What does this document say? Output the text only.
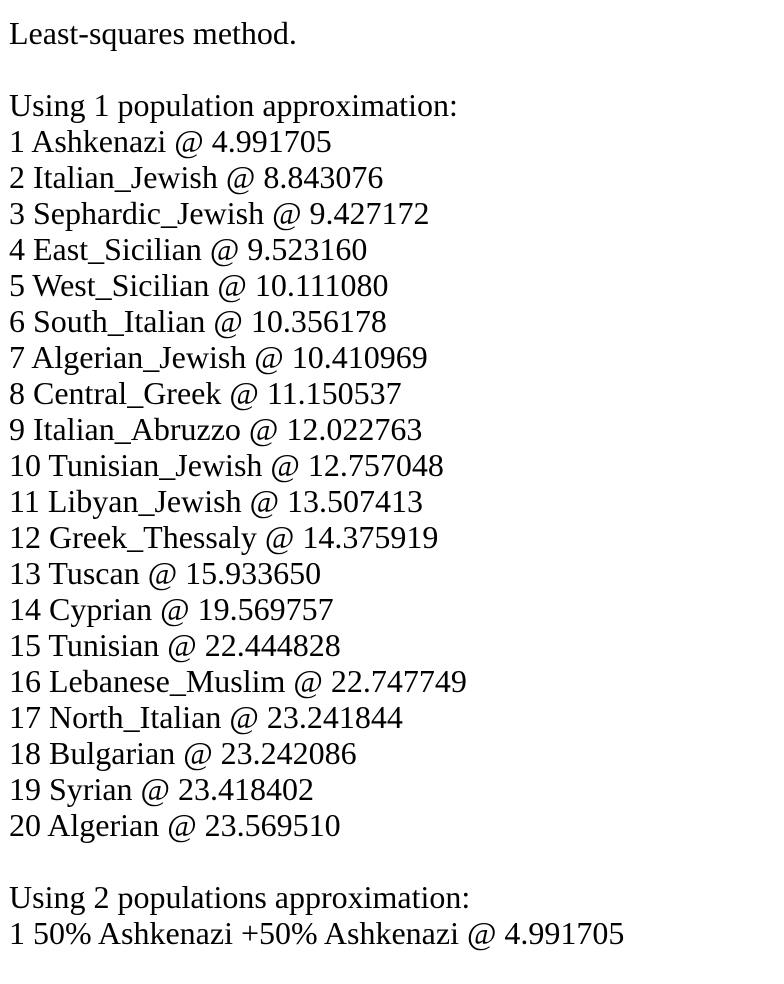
Least-squares method.
Using 1 population approximation:
1 Ashkenazi @ 4.991705
2 Italian_Jewish @ 8.843076
3 Sephardic_Jewish @ 9.427172
4 East_Sicilian @ 9.523160
5 West_Sicilian @ 10.111080
6 South_Italian @ 10.356178
7 Algerian_Jewish @ 10.410969
8 Central_Greek @ 11.150537
9 Italian_Abruzzo @ 12.022763
10 Tunisian_Jewish @ 12.757048
11 Libyan_Jewish @ 13.507413
12 Greek_Thessaly @ 14.375919
13 Tuscan @ 15.933650
14 Cyprian @ 19.569757
15 Tunisian @ 22.444828
16 Lebanese_Muslim @ 22.747749
17 North_Italian @ 23.241844
18 Bulgarian @ 23.242086
19 Syrian @ 23.418402
20 Algerian @ 23.569510
Using 2 populations approximation:
1 50% Ashkenazi +50% Ashkenazi @ 4.991705
